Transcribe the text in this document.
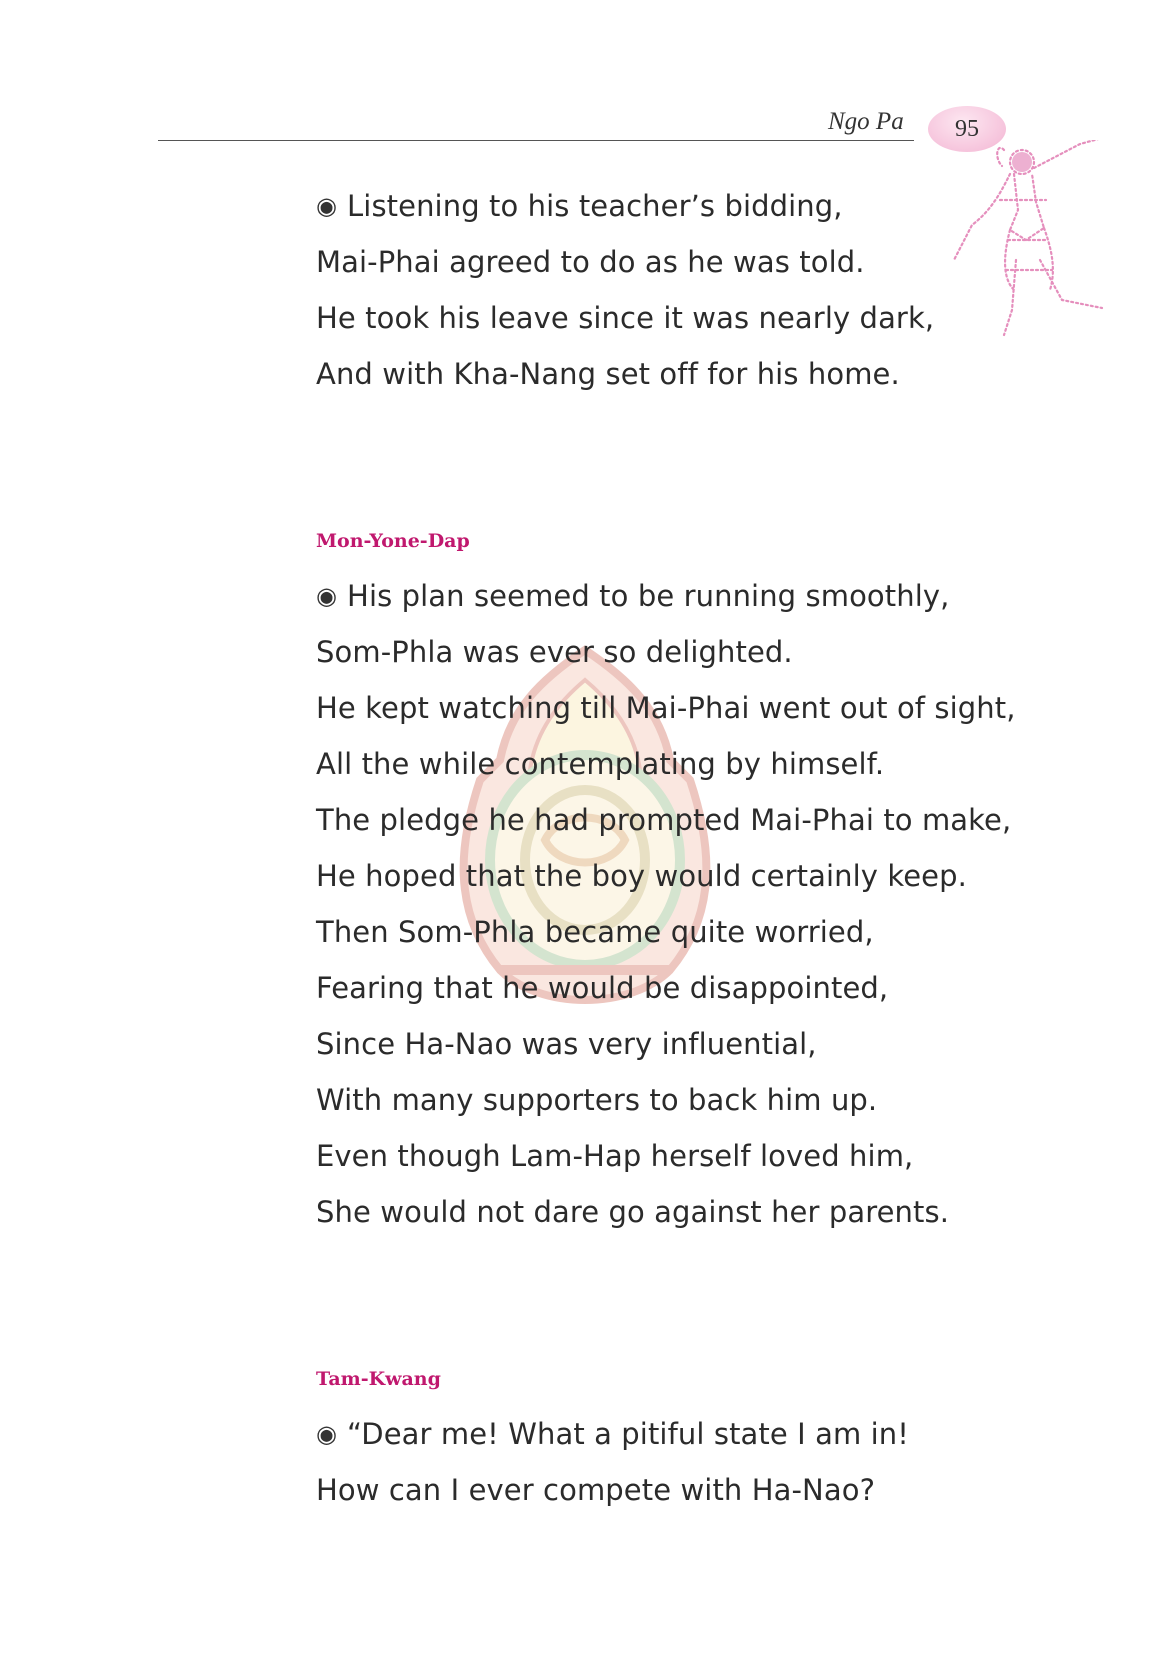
Ngo Pa 95
◉ Listening to his teacher’s bidding,
Mai-Phai agreed to do as he was told.
He took his leave since it was nearly dark,
And with Kha-Nang set off for his home.
Mon-Yone-Dap
◉ His plan seemed to be running smoothly,
Som-Phla was ever so delighted.
He kept watching till Mai-Phai went out of sight,
All the while contemplating by himself.
The pledge he had prompted Mai-Phai to make,
He hoped that the boy would certainly keep.
Then Som-Phla became quite worried,
Fearing that he would be disappointed,
Since Ha-Nao was very influential,
With many supporters to back him up.
Even though Lam-Hap herself loved him,
She would not dare go against her parents.
Tam-Kwang
◉ “Dear me! What a pitiful state I am in!
How can I ever compete with Ha-Nao?
